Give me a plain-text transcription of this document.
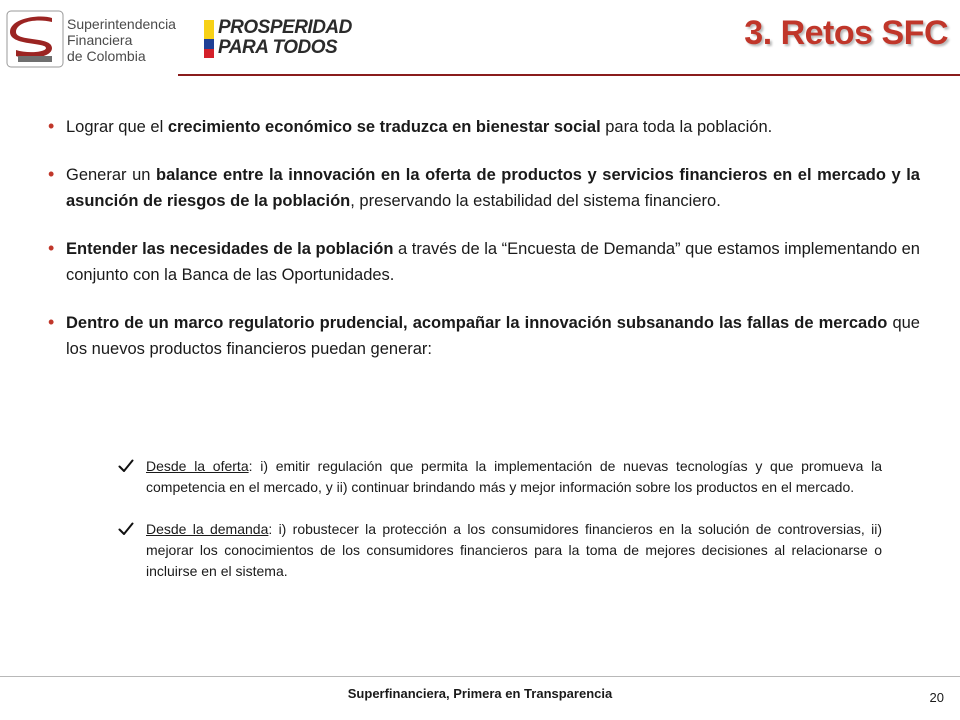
Superintendencia
Financiera
de Colombia
PROSPERIDAD
PARA TODOS	3. Retos SFC
• Lograr que el crecimiento económico se traduzca en bienestar social para toda la población.
• Generar un balance entre la innovación en la oferta de productos y servicios financieros en el mercado y la asunción de riesgos de la población, preservando la estabilidad del sistema financiero.
• Entender las necesidades de la población a través de la “Encuesta de Demanda” que estamos implementando en conjunto con la Banca de las Oportunidades.
• Dentro de un marco regulatorio prudencial, acompañar la innovación subsanando las fallas de mercado que los nuevos productos financieros puedan generar:
Desde la oferta: i) emitir regulación que permita la implementación de nuevas tecnologías y que promueva la competencia en el mercado, y ii) continuar brindando más y mejor información sobre los productos en el mercado.
Desde la demanda: i) robustecer la protección a los consumidores financieros en la solución de controversias, ii) mejorar los conocimientos de los consumidores financieros para la toma de mejores decisiones al relacionarse o incluirse en el sistema.
Superfinanciera, Primera en Transparencia	20
